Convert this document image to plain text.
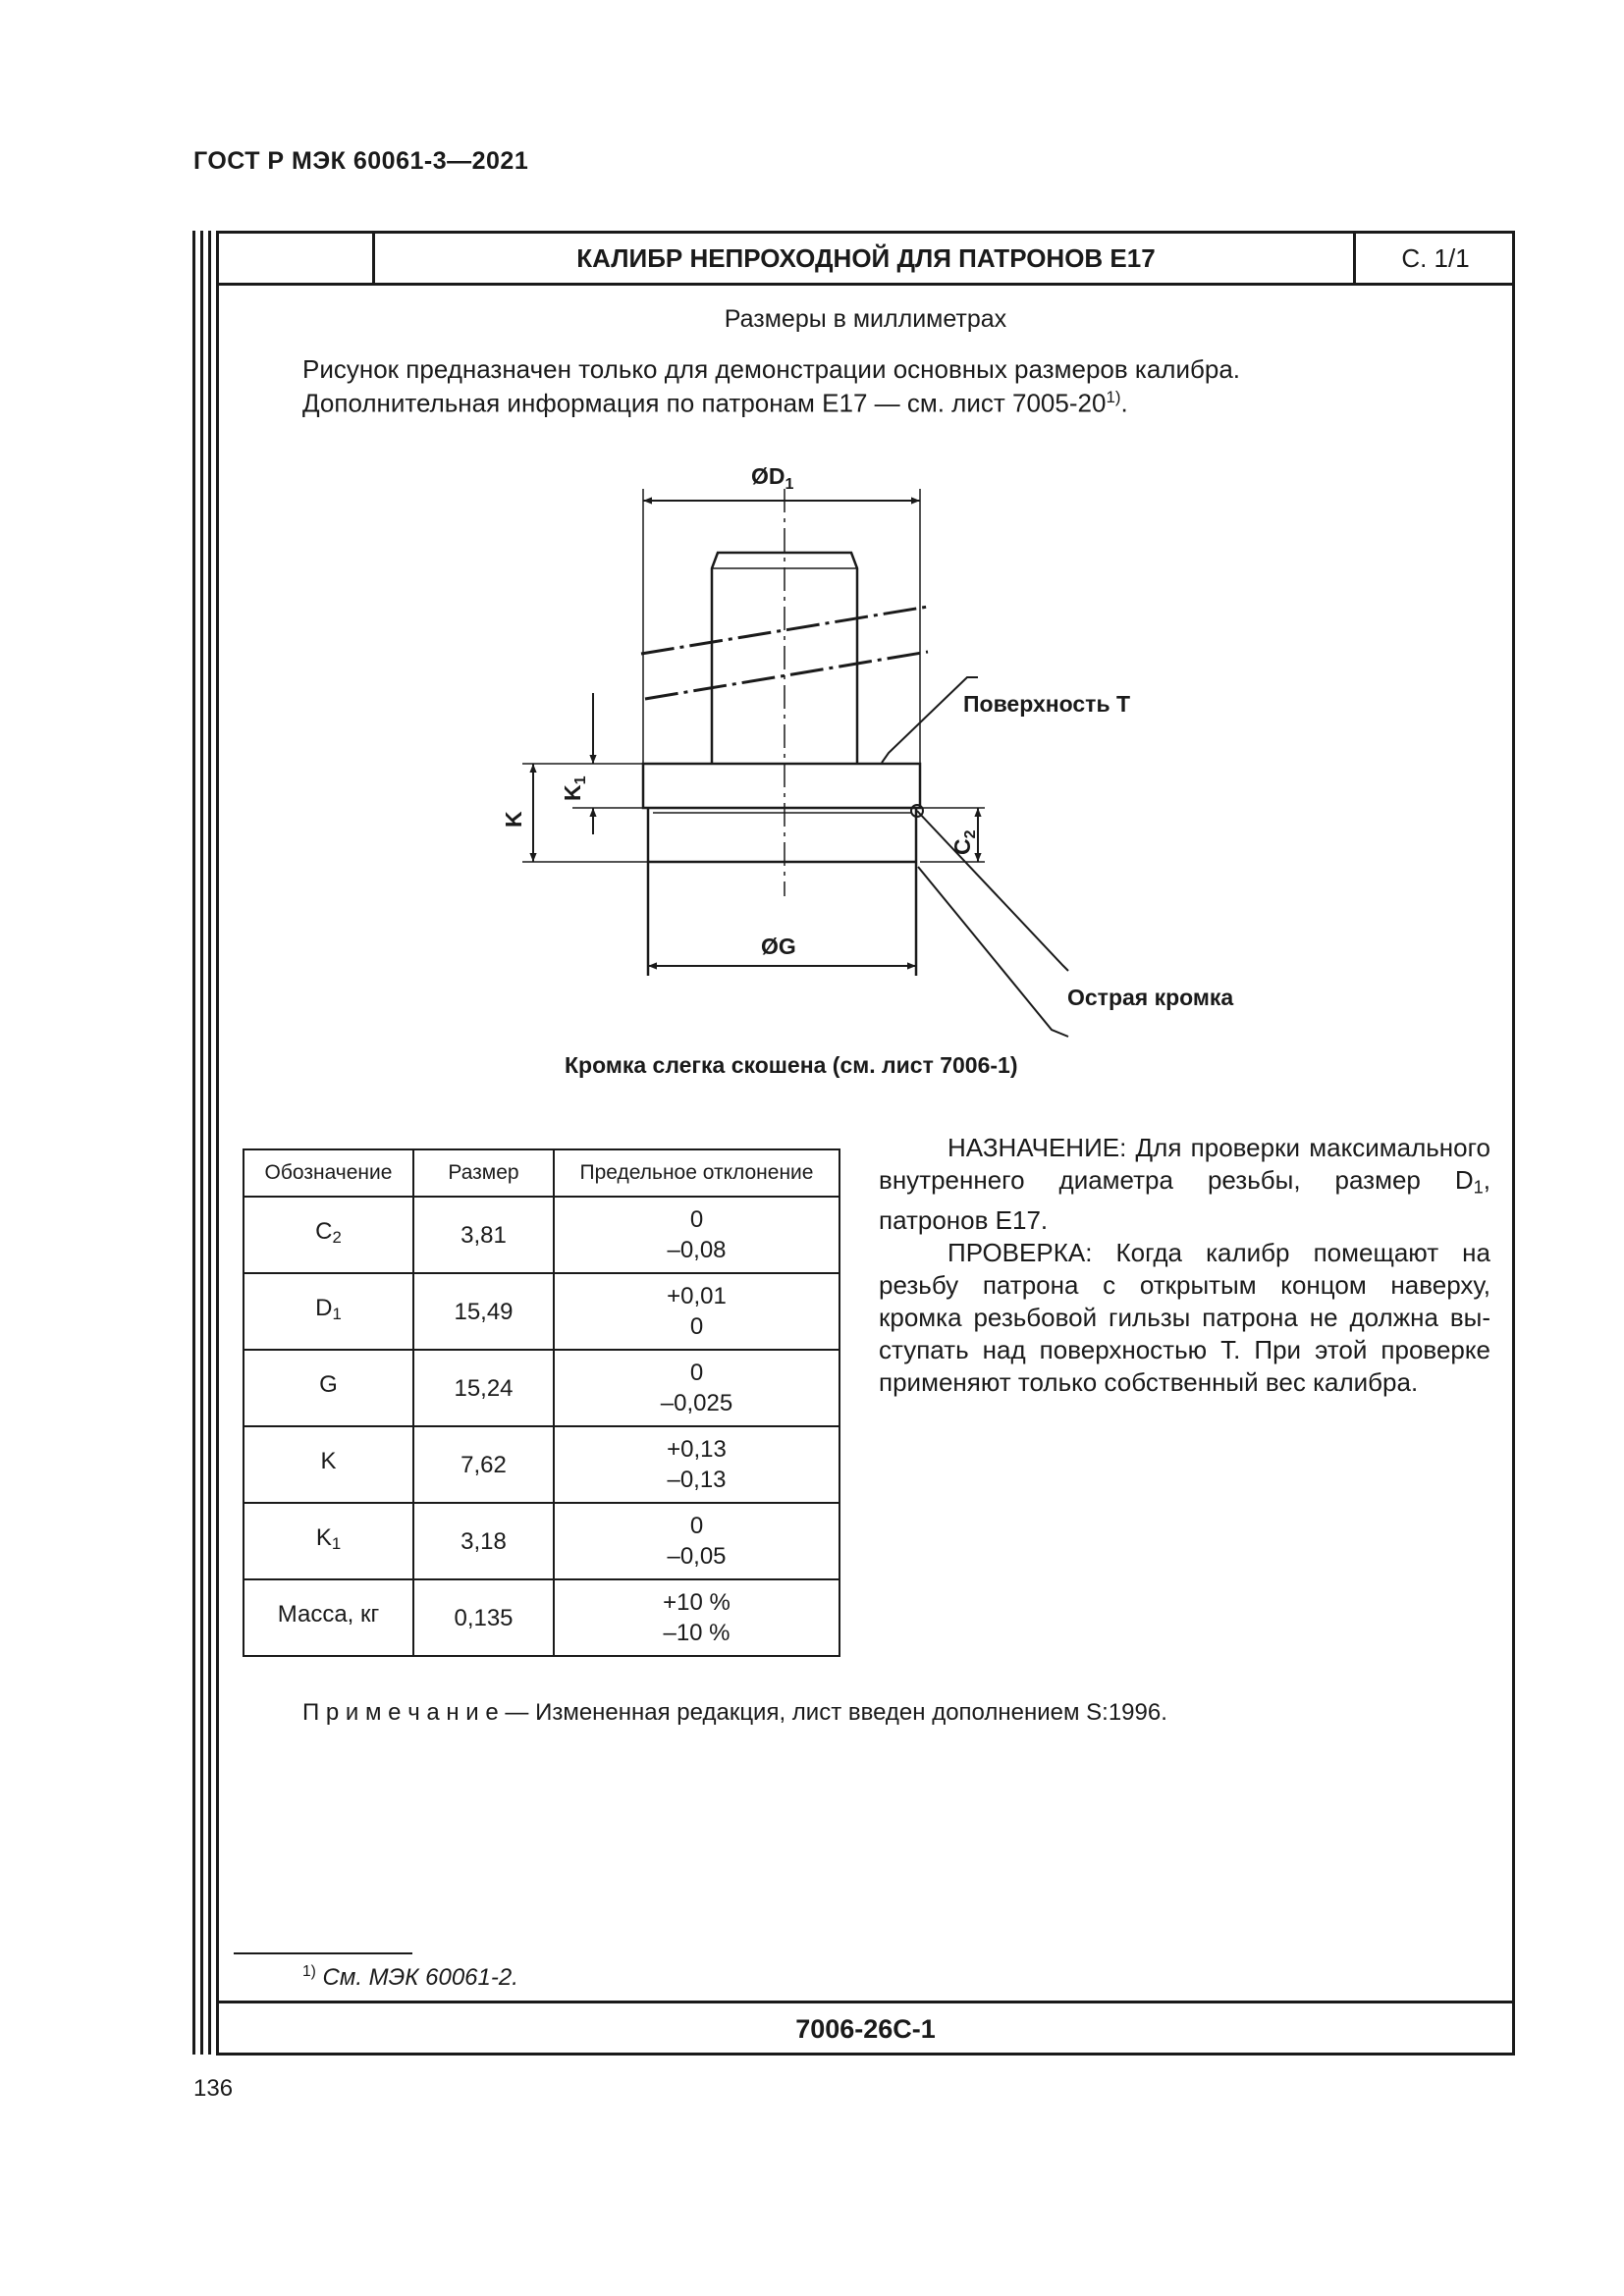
ГОСТ Р МЭК 60061-3—2021
КАЛИБР НЕПРОХОДНОЙ ДЛЯ ПАТРОНОВ E17	С. 1/1
Размеры в миллиметрах
Рисунок предназначен только для демонстрации основных размеров калибра.
Дополнительная информация по патронам E17 — см. лист 7005-20$^{1)}$.
$ØD_1$
ØG
K
$K_1$
$C_2$
Поверхность T
Острая кромка
Кромка слегка скошена (см. лист 7006-1)
Обозначение	Размер	Предельное отклонение
$C_2$	3,81	0
–0,08
$D_1$	15,49	+0,01
0
G	15,24	0
–0,025
K	7,62	+0,13
–0,13
$K_1$	3,18	0
–0,05
Масса, кг	0,135	+10 %
–10 %

НАЗНАЧЕНИЕ: Для проверки максимального внутреннего диаметра резьбы, размер $D_1$, патронов E17.

ПРОВЕРКА: Когда калибр помещают на резьбу патрона с открытым концом наверху, кромка резьбовой гильзы патрона не должна выступать над поверхностью T. При этой проверке применяют только собственный вес калибра.

П р и м е ч а н и е — Измененная редакция, лист введен дополнением S:1996.
$^{1)}$ См. МЭК 60061-2.
7006-26C-1
136
